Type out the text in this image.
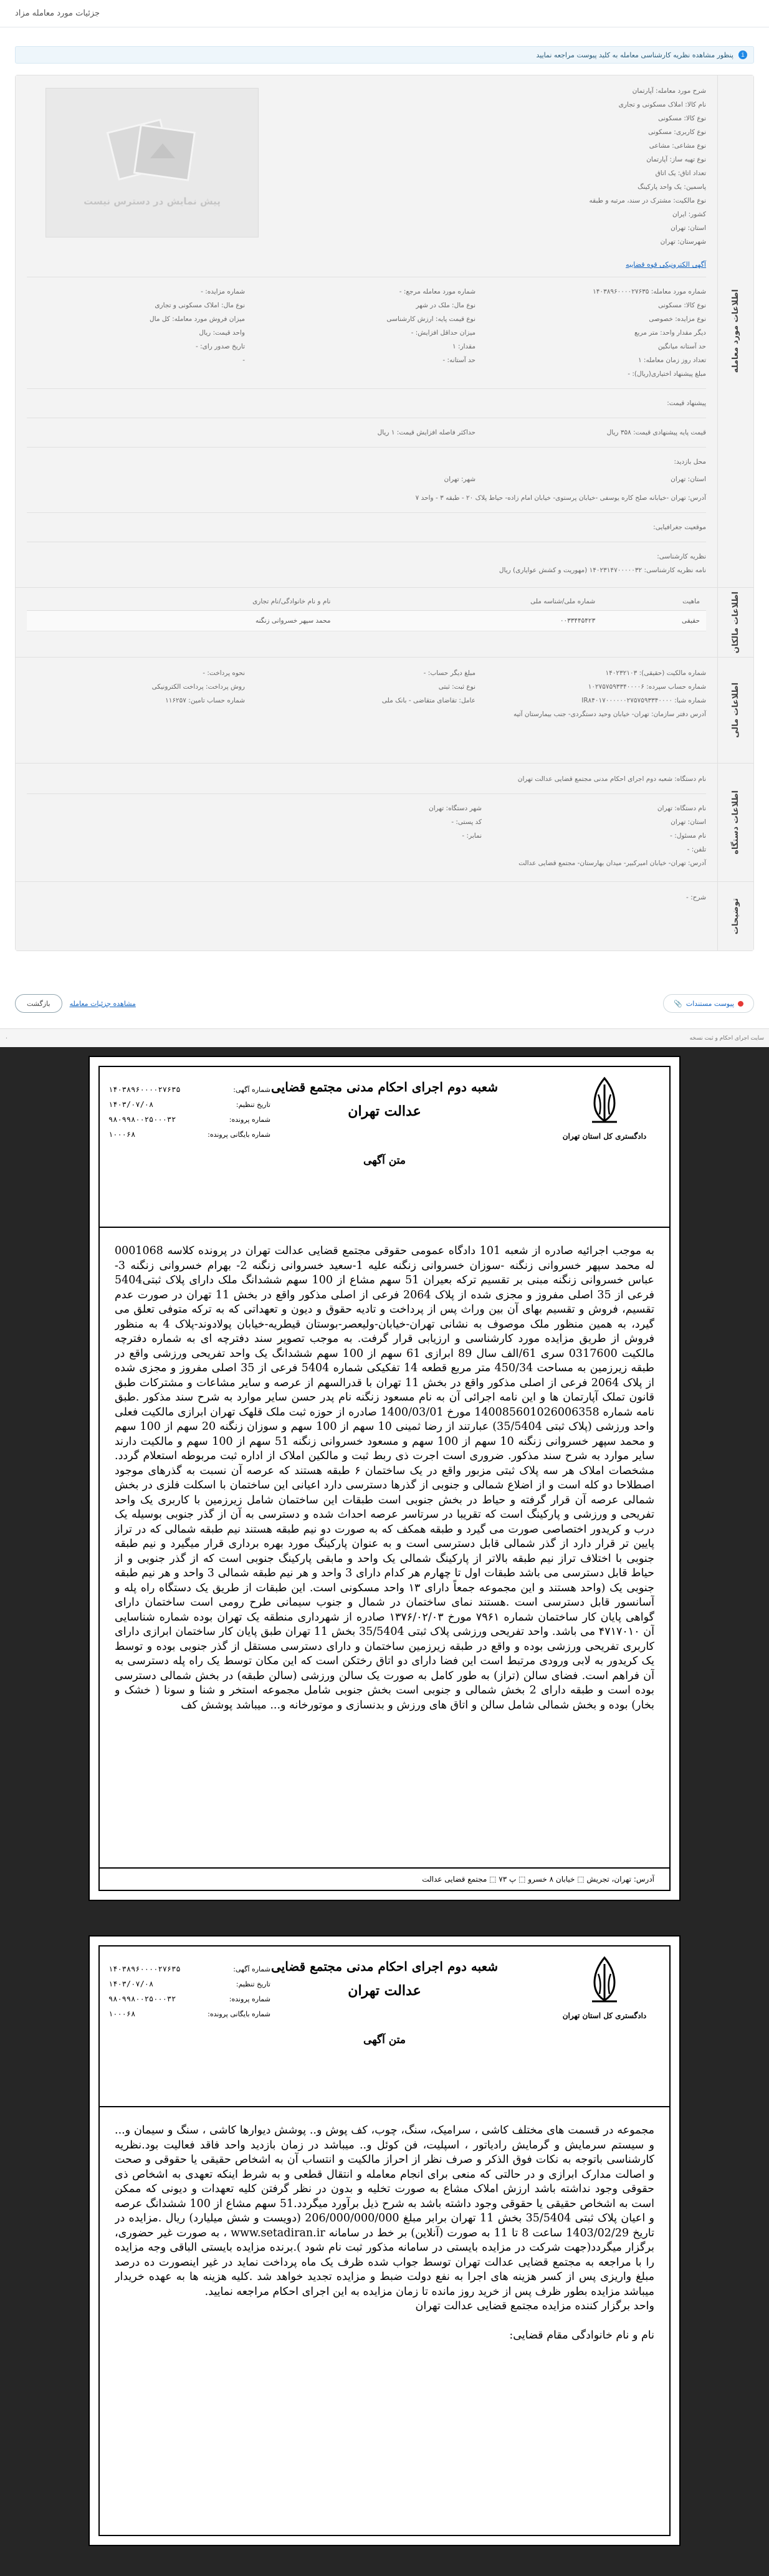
جزئیات مورد معامله مزاد
i
پنظور مشاهده نظریه کارشناسی معامله به کلید پیوست مراجعه نمایید
اطلاعات مورد معامله
شرح مورد معامله: آپارتمان
نام کالا: املاک مسکونی و تجاری
نوع کالا: مسکونی
نوع کاربری: مسکونی
نوع مشاعی: مشاعی
نوع تهیه ساز: آپارتمان
تعداد اتاق: یک اتاق
پاسمین: یک واحد پارکینگ
نوع مالکیت: مشترک در سند، مرتبه و طبقه
کشور: ایران
استان: تهران
شهرستان: تهران
آگهی الکترونیکی قوه قضاییه
پیش نمایش در دسترس نیست
شماره مورد معامله: ۱۴۰۳۸۹۶۰۰۰۰۲۷۶۳۵
نوع کالا: مسکونی
نوع مزایده: خصوصی
دیگر مقدار واحد: متر مربع
حد آستانه میانگین
تعداد روز زمان معامله: ۱
مبلغ پیشنهاد اختیاری(ریال): -
شماره مورد معامله مرجع: -
نوع مال: ملک در شهر
نوع قیمت پایه: ارزش کارشناسی
میزان حداقل افزایش: -
مقدار: ۱
حد آستانه: -
شماره مزایده: -
نوع مال: املاک مسکونی و تجاری
میزان فروش مورد معامله: کل مال
واحد قیمت: ریال
تاریخ صدور رای: -
-
پیشنهاد قیمت:
قیمت پایه پیشنهادی قیمت: ۳۵۸ ریال
حداکثر فاصله افزایش قیمت: ۱ ریال
محل بازدید:
استان: تهران
شهر: تهران
آدرس: تهران -خیابانه صلح کاره یوسفی -خیابان پرستوی- خیابان امام زاده- حیاط پلاک ۲۰ - طبقه ۳ - واحد ۷
موقعیت جغرافیایی:
نظریه کارشناسی:
نامه نظریه کارشناسی: ۱۴۰۲۳۱۴۷۰۰۰۰۰۳۲ (مهوریت و کشش عوایاری) ریال
اطلاعات مالکان
ماهیت	شماره ملی/شناسه ملی	نام و نام خانوادگی/نام تجاری
حقیقی	۰۰۳۳۴۴۵۴۲۳	محمد سپهر خسروانی زنگنه
اطلاعات مالی
شماره مالکیت (حقیقی): ۱۴۰۲۳۲۱۰۳
شماره حساب سپرده: ۱۰۲۷۵۷۵۹۳۳۴۰۰۰۰۶
شماره شبا: IR۸۴۰۱۷۰۰۰۰۰۰۲۷۵۷۵۹۳۳۴۰۰۰۰
مبلغ دیگر حساب: -
نوع ثبت: ثبتی
عامل: تقاضای متقاضی - بانک ملی
نحوه پرداخت: -
روش پرداخت: پرداخت الکترونیکی
شماره حساب تامین: ۱۱۶۲۵۷
آدرس دفتر سازمان: تهران- خیابان وحید دستگردی- جنب بیمارستان آتیه
اطلاعات دستگاه
نام دستگاه: شعبه دوم اجرای احکام مدنی مجتمع قضایی عدالت تهران
نام دستگاه: تهران
استان: تهران
نام مسئول: -
تلفن: -
شهر دستگاه: تهران
کد پستی: -
نمابر: -
آدرس: تهران- خیابان امیرکبیر- میدان بهارستان- مجتمع قضایی عدالت
توضیحات
شرح: -
پیوست مستندات
📎
مشاهده جزئیات معامله
بازگشت
سایت اجرای احکام و ثبت نسخه
۰
دادگستری کل استان تهران
شعبه دوم اجرای احکام مدنی مجتمع قضایی
عدالت تهران
متن آگهی
شماره آگهی:
۱۴۰۳۸۹۶۰۰۰۰۲۷۶۳۵
تاریخ تنظیم:
۱۴۰۳/۰۷/۰۸
شماره پرونده:
۹۸۰۹۹۸۰۰۲۵۰۰۰۳۲
شماره بایگانی پرونده:
۱۰۰۰۶۸
به موجب اجرائیه صادره از شعبه 101 دادگاه عمومی حقوقی مجتمع قضایی عدالت تهران در پرونده کلاسه 0001068 له محمد سپهر خسروانی زنگنه -سوزان خسروانی زنگنه علیه 1-سعید خسروانی زنگنه 2- بهرام خسروانی زنگنه 3- عباس خسروانی زنگنه مبنی بر تقسیم ترکه بعیران 51 سهم مشاع از 100 سهم ششدانگ ملک دارای پلاک ثبتی5404 فرعی از 35 اصلی مفروز و مجزی شده از پلاک 2064 فرعی از اصلی مذکور واقع در بخش 11 تهران در صورت عدم تقسیم، فروش و تقسیم بهای آن بین وراث پس از پرداخت و تادیه حقوق و دیون و تعهداتی که به ترکه متوفی تعلق می گیرد، به همین منظور ملک موصوف به نشانی تهران-خیابان-ولیعصر-بوستان قیطریه-خیابان پولادوند-پلاک 4 به منظور فروش از طریق مزایده مورد کارشناسی و ارزیابی قرار گرفت. به موجب تصویر سند دفترچه ای به شماره دفترچه مالکیت 0317600 سری 61/الف سال 89 ابرازی 61 سهم از 100 سهم ششدانگ یک واحد تفریحی ورزشی واقع در طبقه زیرزمین به مساحت 450/34 متر مربع قطعه 14 تفکیکی شماره 5404 فرعی از 35 اصلی مفروز و مجزی شده از پلاک 2064 فرعی از اصلی مذکور واقع در بخش 11 تهران با قدرالسهم از عرصه و سایر مشاعات و مشترکات طبق قانون تملک آپارتمان ها و این نامه اجرائی آن به نام مسعود زنگنه نام پدر حسن سایر موارد به شرح سند مذکور .طبق نامه شماره 140085601026006358 مورخ 1400/03/01 صادره از حوزه ثبت ملک قلهک تهران ابرازی مالکیت فعلی واحد ورزشی (پلاک ثبتی 35/5404) عبارتند از رضا ثمینی 10 سهم از 100 سهم و سوزان زنگنه 20 سهم از 100 سهم و محمد سپهر خسروانی زنگنه 10 سهم از 100 سهم و مسعود خسروانی زنگنه 51 سهم از 100 سهم و مالکیت دارند سایر موارد به شرح سند مذکور. ضروری است اجرت ذی ربط ثبت و مالکین املاک از اداره ثبت مربوطه استعلام گردد. مشخصات املاک هر سه پلاک ثبتی مزبور واقع در یک ساختمان ۶ طبقه هستند که عرصه آن نسبت به گذرهای موجود اصطلاحا دو کله است و از اضلاع شمالی و جنوبی از گذرها دسترسی دارد اعیانی این ساختمان با اسکلت فلزی در بخش شمالی عرصه آن قرار گرفته و حیاط در بخش جنوبی است طبقات این ساختمان شامل زیرزمین با کاربری یک واحد تفریحی و ورزشی و پارکینگ است که تقریبا در سرتاسر عرصه احداث شده و دسترسی به آن از گذر جنوبی بوسیله یک درب و کریدور اختصاصی صورت می گیرد و طبقه همکف که به صورت دو نیم طبقه هستند نیم طبقه شمالی که در تراز پایین تر قرار دارد از گذر شمالی قابل دسترسی است و به عنوان پارکینگ مورد بهره برداری قرار میگیرد و نیم طبقه جنوبی با اختلاف تراز نیم طبقه بالاتر از پارکینگ شمالی یک واحد و مابقی پارکینگ جنوبی است که از گذر جنوبی و از حیاط قابل دسترسی می باشد طبقات اول تا چهارم هر کدام دارای 3 واحد و هر نیم طبقه شمالی 3 واحد و هر نیم طبقه جنوبی یک (واحد هستند و این مجموعه جمعاً دارای ۱۳ واحد مسکونی است. این طبقات از طریق یک دستگاه راه پله و آسانسور قابل دسترسی است .هستند نمای ساختمان در شمال و جنوب سیمانی طرح رومی است ساختمان دارای گواهی پایان کار ساختمان شماره ۷۹۶۱ مورخ ۱۳۷۶/۰۲/۰۳ صادره از شهرداری منطقه یک تهران بوده شماره شناسایی آن ۴۷۱۷۰۱۰ می باشد. واحد تفریحی ورزشی پلاک ثبتی 35/5404 بخش 11 تهران طبق پایان کار ساختمان ابرازی دارای کاربری تفریحی ورزشی بوده و واقع در طبقه زیرزمین ساختمان و دارای دسترسی مستقل از گذر جنوبی بوده و توسط یک کریدور به لابی ورودی مرتبط است این فضا دارای دو اتاق رختکن است که این مکان توسط یک راه پله دسترسی به آن فراهم است. فضای سالن (تراز) به طور کامل به صورت یک سالن ورزشی (سالن طبقه) در بخش شمالی دسترسی بوده است و طبقه دارای 2 بخش شمالی و جنوبی است بخش جنوبی شامل مجموعه استخر و شنا و سونا ( خشک و بخار) بوده و بخش شمالی شامل سالن و اتاق های ورزش و بدنسازی و موتورخانه و... میباشد پوشش کف
آدرس: تهران، تجریش ⬚ خیابان ۸ خسرو ⬚ پ ۷۳ ⬚ مجتمع قضایی عدالت
دادگستری کل استان تهران
شعبه دوم اجرای احکام مدنی مجتمع قضایی
عدالت تهران
متن آگهی
شماره آگهی:
۱۴۰۳۸۹۶۰۰۰۰۲۷۶۳۵
تاریخ تنظیم:
۱۴۰۳/۰۷/۰۸
شماره پرونده:
۹۸۰۹۹۸۰۰۲۵۰۰۰۳۲
شماره بایگانی پرونده:
۱۰۰۰۶۸
مجموعه در قسمت های مختلف کاشی ، سرامیک، سنگ، چوب، کف پوش و.. پوشش دیوارها کاشی ، سنگ و سیمان و... و سیستم سرمایش و گرمایش رادیاتور ، اسپلیت، فن کوئل و.. میباشد در زمان بازدید واحد فاقد فعالیت بود.نظریه کارشناسی باتوجه به نکات فوق الذکر و صرف نظر از احراز مالکیت و انتساب آن به اشخاص حقیقی یا حقوقی و صحت و اصالت مدارک ابرازی و در حالتی که منعی برای انجام معامله و انتقال قطعی و به شرط اینکه تعهدی به اشخاص ذی حقوقی وجود نداشته باشد ارزش املاک مشاع به صورت تخلیه و بدون در نظر گرفتن کلیه تعهدات و دیونی که ممکن است به اشخاص حقیقی یا حقوقی وجود داشته باشد به شرح ذیل برآورد میگردد.51 سهم مشاع از 100 ششدانگ عرصه و اعیان پلاک ثبتی 35/5404 بخش 11 تهران برابر مبلغ 206/000/000/000 (دویست و شش میلیارد) ریال .مزایده در تاریخ 1403/02/29 ساعت 8 تا 11 به صورت (آنلاین) بر خط در سامانه www.setadiran.ir ، به صورت غیر حضوری، برگزار میگردد(جهت شرکت در مزایده بایستی در سامانه مذکور ثبت نام شود ).برنده مزایده بایستی الباقی وجه مزایده را با مراجعه به مجتمع قضایی عدالت تهران توسط جواب شده ظرف یک ماه پرداخت نماید در غیر اینصورت ده درصد مبلغ واریزی پس از کسر هزینه های اجرا به نفع دولت ضبط و مزایده تجدید خواهد شد .کلیه هزینه ها به عهده خریدار میباشد مزایده بطور ظرف پس از خرید روز مانده تا زمان مزایده به این اجرای احکام مراجعه نمایید.
واحد برگزار کننده مزایده مجتمع قضایی عدالت تهران

نام و نام خانوادگی مقام قضایی:
